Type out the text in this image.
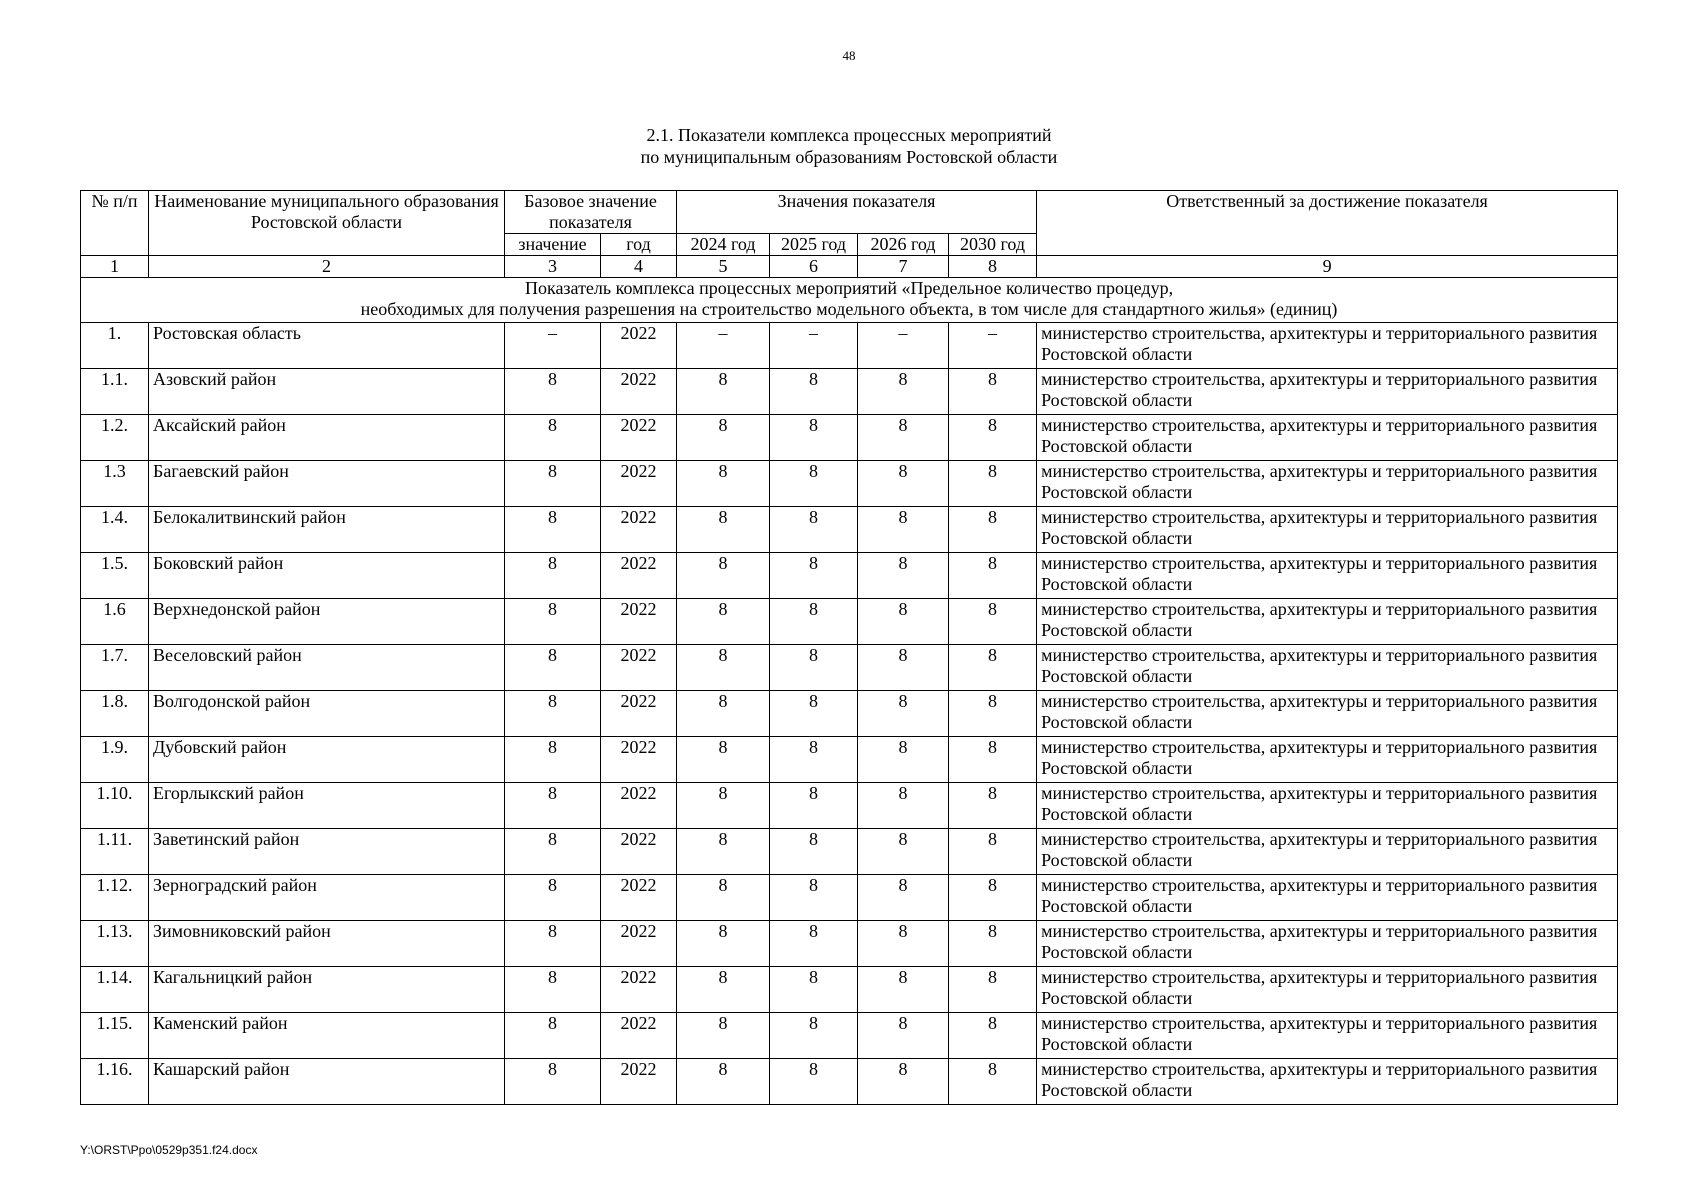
48
2.1. Показатели комплекса процессных мероприятий
по муниципальным образованиям Ростовской области
№ п/п	Наименование муниципального образования Ростовской области	Базовое значение показателя		Значения показателя				Ответственный за достижение показателя
		значение	год	2024 год	2025 год	2026 год	2030 год	
1	2	3	4	5	6	7	8	9

Показатель комплекса процессных мероприятий «Предельное количество процедур,
необходимых для получения разрешения на строительство модельного объекта, в том числе для стандартного жилья» (единиц)								

1.	Ростовская область	–	2022	–	–	–	–	министерство строительства, архитектуры и территориального развития Ростовской области
1.1.	Азовский район	8	2022	8	8	8	8	министерство строительства, архитектуры и территориального развития Ростовской области
1.2.	Аксайский район	8	2022	8	8	8	8	министерство строительства, архитектуры и территориального развития Ростовской области
1.3	Багаевский район	8	2022	8	8	8	8	министерство строительства, архитектуры и территориального развития Ростовской области
1.4.	Белокалитвинский район	8	2022	8	8	8	8	министерство строительства, архитектуры и территориального развития Ростовской области
1.5.	Боковский район	8	2022	8	8	8	8	министерство строительства, архитектуры и территориального развития Ростовской области
1.6	Верхнедонской район	8	2022	8	8	8	8	министерство строительства, архитектуры и территориального развития Ростовской области
1.7.	Веселовский район	8	2022	8	8	8	8	министерство строительства, архитектуры и территориального развития Ростовской области
1.8.	Волгодонской район	8	2022	8	8	8	8	министерство строительства, архитектуры и территориального развития Ростовской области
1.9.	Дубовский район	8	2022	8	8	8	8	министерство строительства, архитектуры и территориального развития Ростовской области
1.10.	Егорлыкский район	8	2022	8	8	8	8	министерство строительства, архитектуры и территориального развития Ростовской области
1.11.	Заветинский район	8	2022	8	8	8	8	министерство строительства, архитектуры и территориального развития Ростовской области
1.12.	Зерноградский район	8	2022	8	8	8	8	министерство строительства, архитектуры и территориального развития Ростовской области
1.13.	Зимовниковский район	8	2022	8	8	8	8	министерство строительства, архитектуры и территориального развития Ростовской области
1.14.	Кагальницкий район	8	2022	8	8	8	8	министерство строительства, архитектуры и территориального развития Ростовской области
1.15.	Каменский район	8	2022	8	8	8	8	министерство строительства, архитектуры и территориального развития Ростовской области
1.16.	Кашарский район	8	2022	8	8	8	8	министерство строительства, архитектуры и территориального развития Ростовской области
Y:\ORST\Ppo\0529p351.f24.docx
